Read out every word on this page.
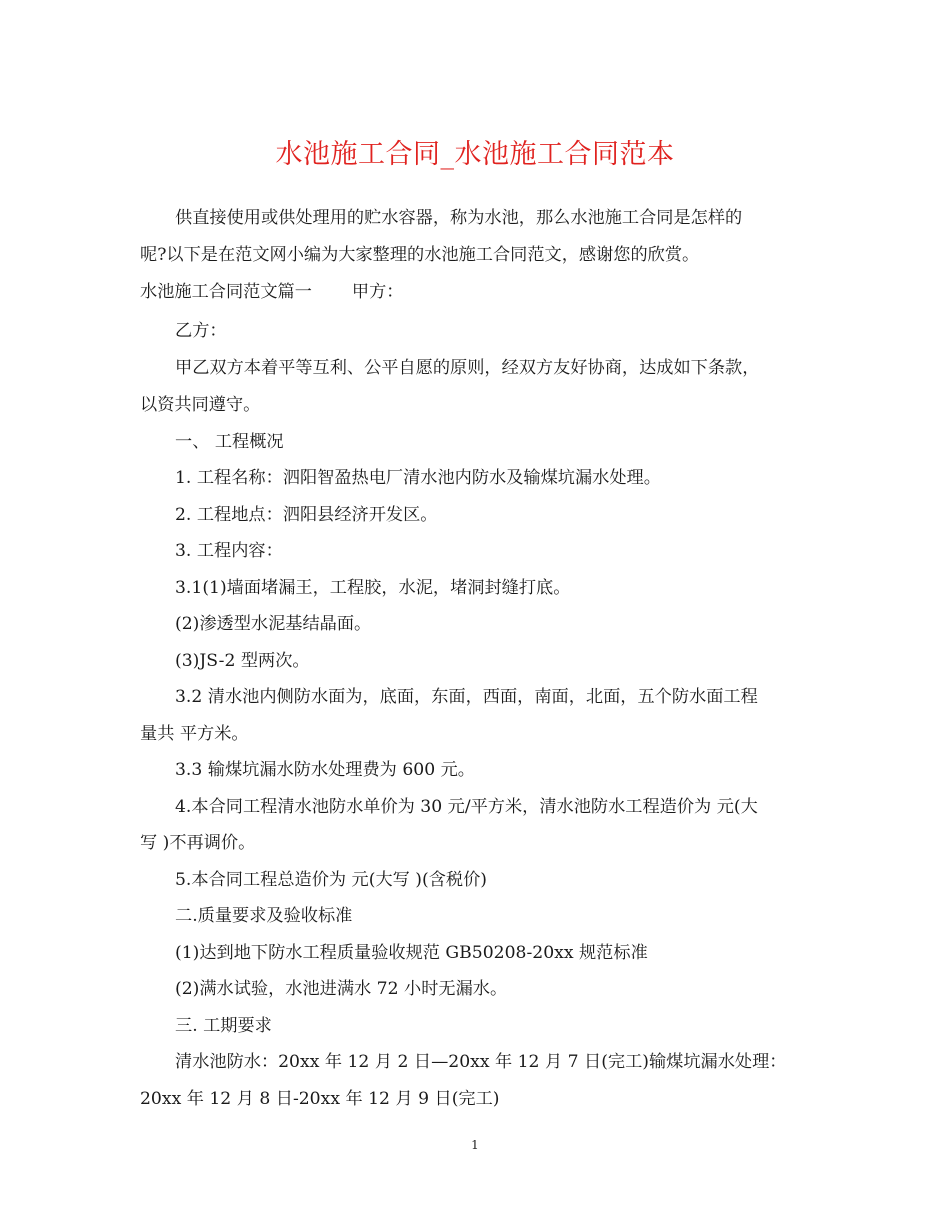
水池施工合同_水池施工合同范本
供直接使用或供处理用的贮水容器，称为水池，那么水池施工合同是怎样的
呢?以下是在范文网小编为大家整理的水池施工合同范文，感谢您的欣赏。
水池施工合同范文篇一 甲方：
乙方：
甲乙双方本着平等互利、公平自愿的原则，经双方友好协商，达成如下条款，
以资共同遵守。
一、 工程概况
1. 工程名称：泗阳智盈热电厂清水池内防水及输煤坑漏水处理。
2. 工程地点：泗阳县经济开发区。
3. 工程内容：
3.1(1)墙面堵漏王，工程胶，水泥，堵洞封缝打底。
(2)渗透型水泥基结晶面。
(3)JS-2 型两次。
3.2 清水池内侧防水面为，底面，东面，西面，南面，北面，五个防水面工程
量共 平方米。
3.3 输煤坑漏水防水处理费为 600 元。
4.本合同工程清水池防水单价为 30 元/平方米，清水池防水工程造价为 元(大
写 )不再调价。
5.本合同工程总造价为 元(大写 )(含税价)
二.质量要求及验收标准
(1)达到地下防水工程质量验收规范 GB50208-20xx 规范标准
(2)满水试验，水池进满水 72 小时无漏水。
三. 工期要求
清水池防水：20xx 年 12 月 2 日—20xx 年 12 月 7 日(完工)输煤坑漏水处理：
20xx 年 12 月 8 日-20xx 年 12 月 9 日(完工)
1
